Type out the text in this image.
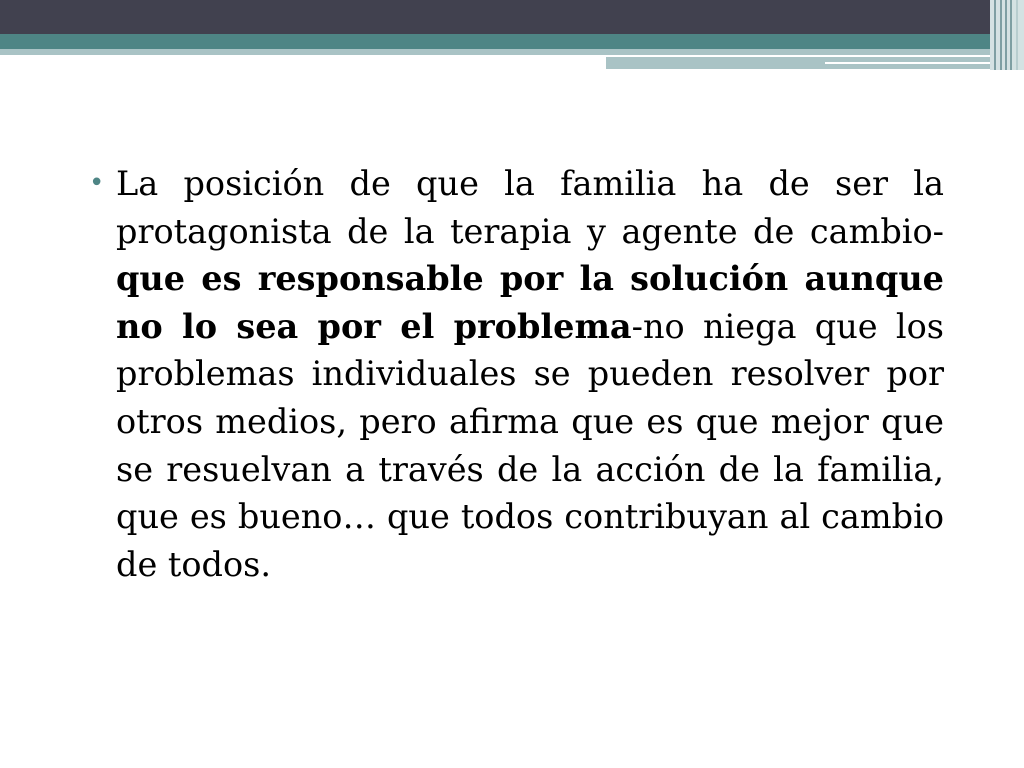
• La posición de que la familia ha de ser la protagonista de la terapia y agente de cambio-que es responsable por la solución aunque no lo sea por el problema-no niega que los problemas individuales se pueden resolver por otros medios, pero afirma que es que mejor que se resuelvan a través de la acción de la familia, que es bueno… que todos contribuyan al cambio de todos.
